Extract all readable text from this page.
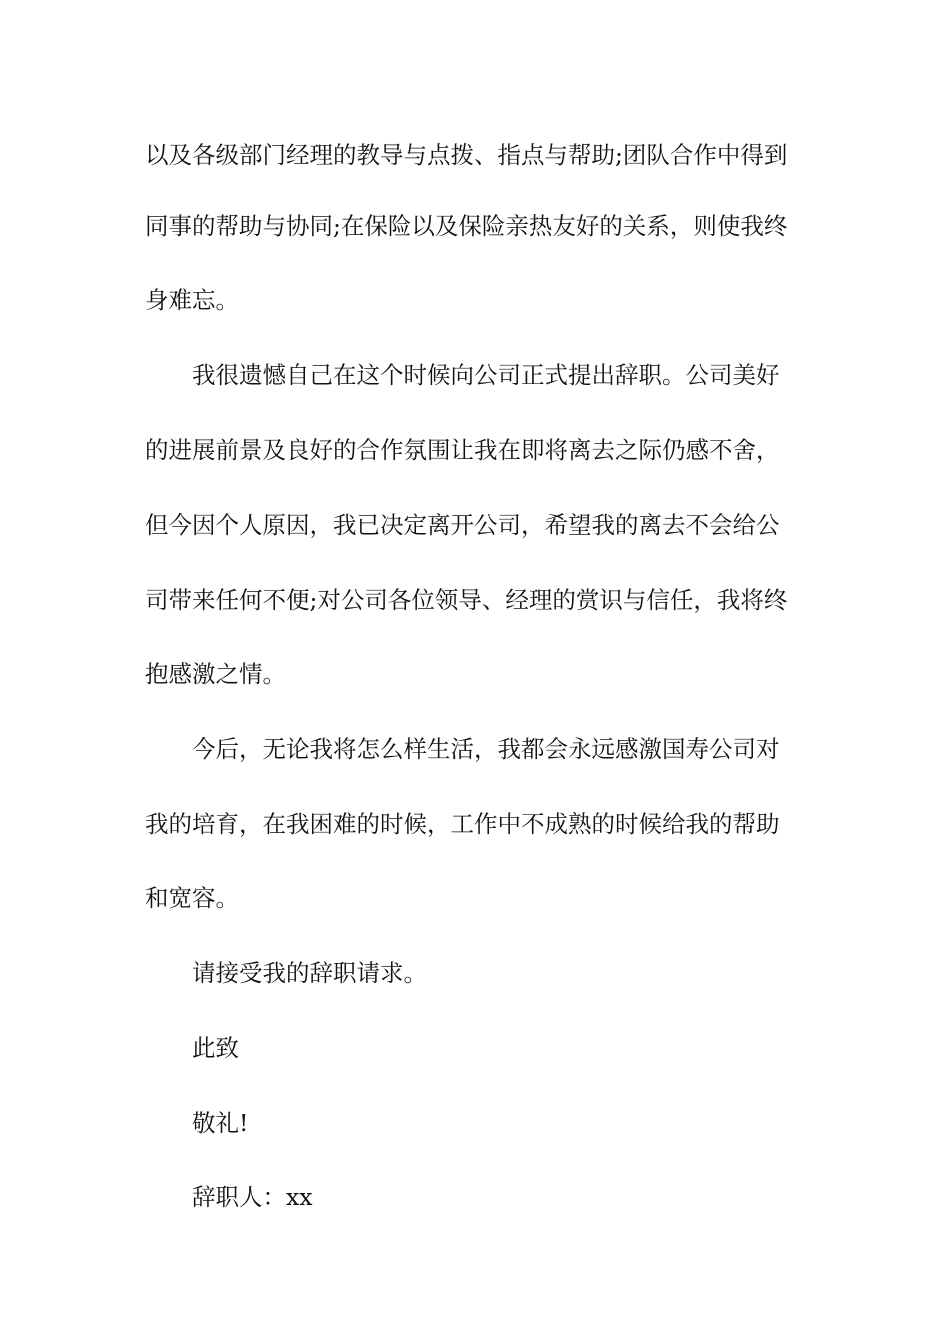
以及各级部门经理的教导与点拨、指点与帮助;团队合作中得到
同事的帮助与协同;在保险以及保险亲热友好的关系，则使我终
身难忘。
我很遗憾自己在这个时候向公司正式提出辞职。公司美好
的进展前景及良好的合作氛围让我在即将离去之际仍感不舍，
但今因个人原因，我已决定离开公司，希望我的离去不会给公
司带来任何不便;对公司各位领导、经理的赏识与信任，我将终
抱感激之情。
今后，无论我将怎么样生活，我都会永远感激国寿公司对
我的培育，在我困难的时候，工作中不成熟的时候给我的帮助
和宽容。
请接受我的辞职请求。
此致
敬礼!
辞职人：xx
